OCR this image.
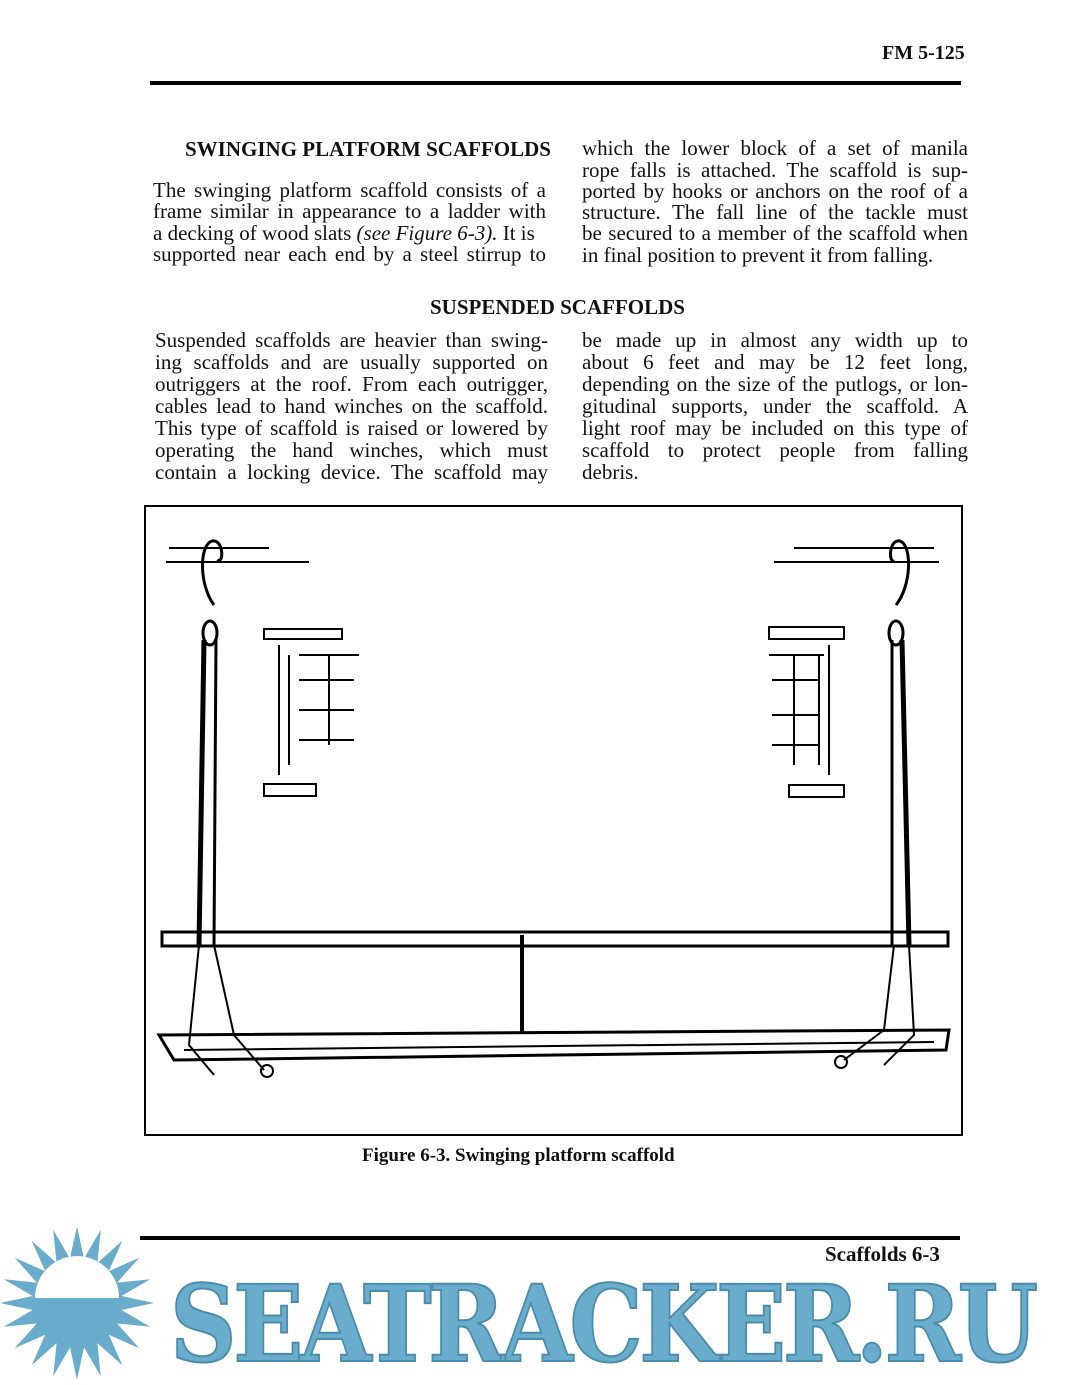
FM 5-125
SWINGING PLATFORM SCAFFOLDS
The swinging platform scaffold consists of a
frame similar in appearance to a ladder with
a decking of wood slats (see Figure 6-3). It is
supported near each end by a steel stirrup to
which the lower block of a set of manila
rope falls is attached. The scaffold is sup-
ported by hooks or anchors on the roof of a
structure. The fall line of the tackle must
be secured to a member of the scaffold when
in final position to prevent it from falling.
SUSPENDED SCAFFOLDS
Suspended scaffolds are heavier than swing-
ing scaffolds and are usually supported on
outriggers at the roof. From each outrigger,
cables lead to hand winches on the scaffold.
This type of scaffold is raised or lowered by
operating the hand winches, which must
contain a locking device. The scaffold may
be made up in almost any width up to
about 6 feet and may be 12 feet long,
depending on the size of the putlogs, or lon-
gitudinal supports, under the scaffold. A
light roof may be included on this type of
scaffold to protect people from falling
debris.
Figure 6-3. Swinging platform scaffold
SEATRACKER.RU
Scaffolds 6-3
